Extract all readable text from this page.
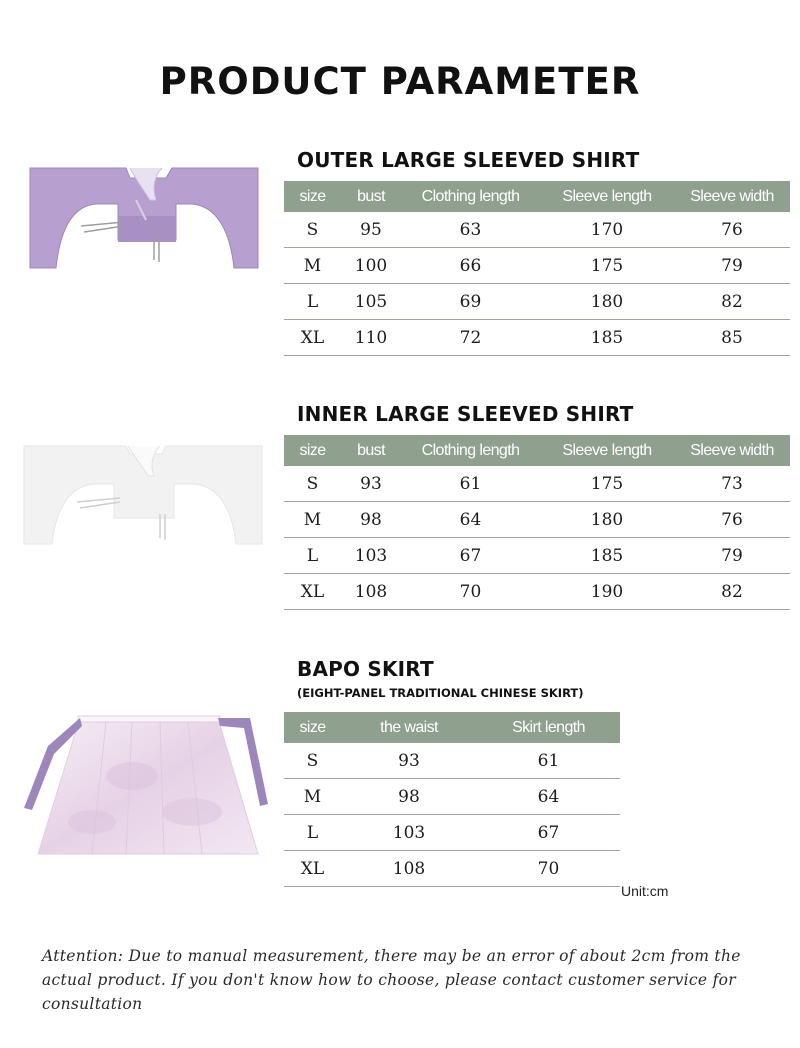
PRODUCT PARAMETER
OUTER LARGE SLEEVED SHIRT
size	bust	Clothing length	Sleeve length	Sleeve width
S	95	63	170	76
M	100	66	175	79
L	105	69	180	82
XL	110	72	185	85
INNER LARGE SLEEVED SHIRT
size	bust	Clothing length	Sleeve length	Sleeve width
S	93	61	175	73
M	98	64	180	76
L	103	67	185	79
XL	108	70	190	82
BAPO SKIRT
(EIGHT-PANEL TRADITIONAL CHINESE SKIRT)
size	the waist	Skirt length
S	93	61
M	98	64
L	103	67
XL	108	70
Unit:cm
Attention: Due to manual measurement, there may be an error of about 2cm from the actual product. If you don't know how to choose, please contact customer service for consultation
